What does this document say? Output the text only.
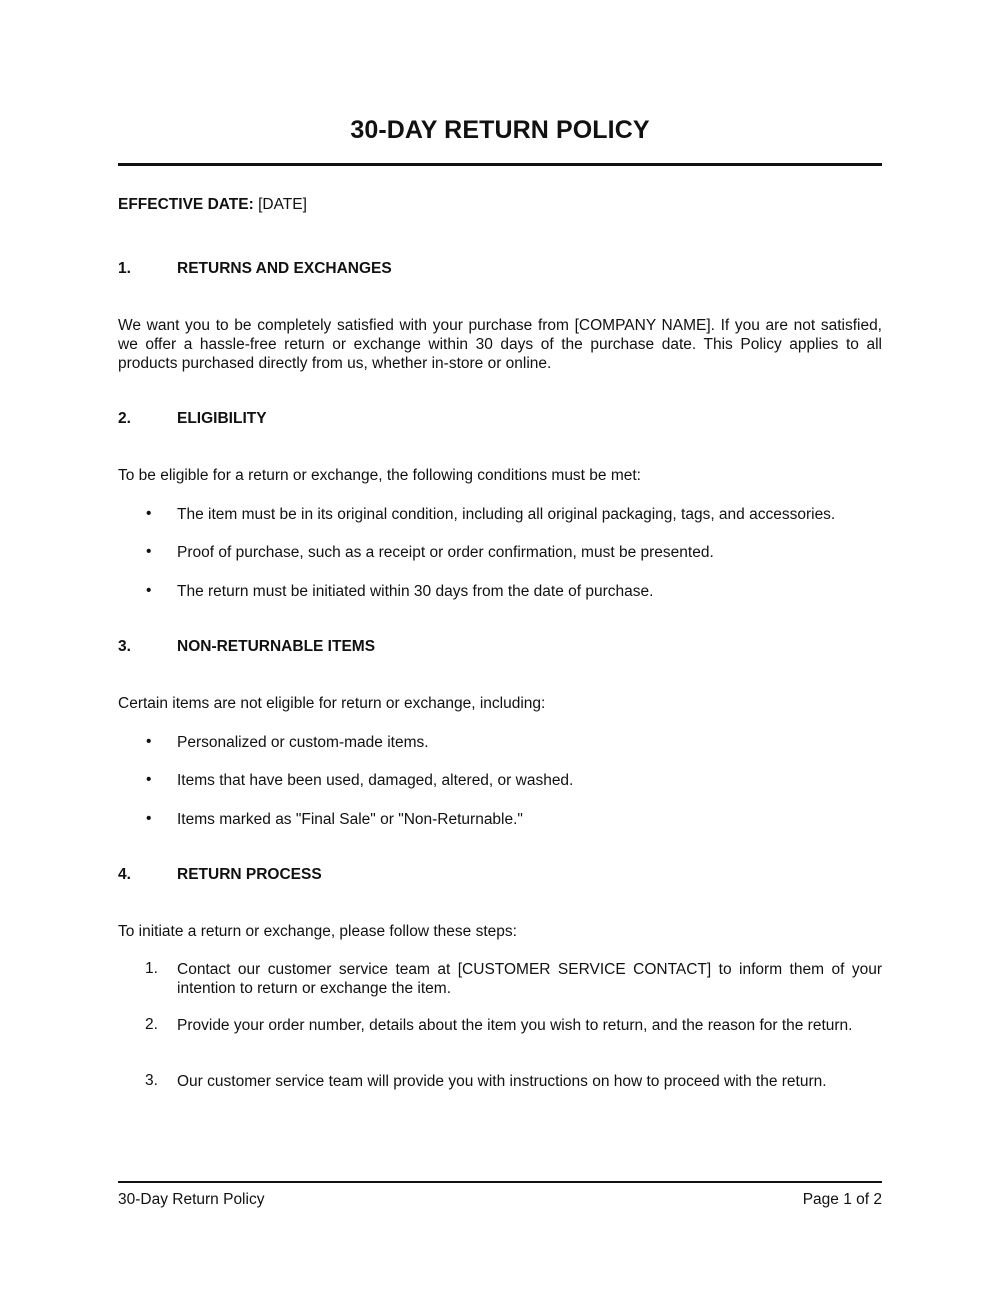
30-DAY RETURN POLICY
EFFECTIVE DATE: [DATE]
1.	RETURNS AND EXCHANGES
We want you to be completely satisfied with your purchase from [COMPANY NAME]. If you are not satisfied, we offer a hassle-free return or exchange within 30 days of the purchase date. This Policy applies to all products purchased directly from us, whether in-store or online.
2.	ELIGIBILITY
To be eligible for a return or exchange, the following conditions must be met:
• The item must be in its original condition, including all original packaging, tags, and accessories.
• Proof of purchase, such as a receipt or order confirmation, must be presented.
• The return must be initiated within 30 days from the date of purchase.
3.	NON-RETURNABLE ITEMS
Certain items are not eligible for return or exchange, including:
• Personalized or custom-made items.
• Items that have been used, damaged, altered, or washed.
• Items marked as "Final Sale" or "Non-Returnable."
4.	RETURN PROCESS
To initiate a return or exchange, please follow these steps:
1. Contact our customer service team at [CUSTOMER SERVICE CONTACT] to inform them of your intention to return or exchange the item.
2. Provide your order number, details about the item you wish to return, and the reason for the return.
3. Our customer service team will provide you with instructions on how to proceed with the return.
30-Day Return Policy	Page 1 of 2
